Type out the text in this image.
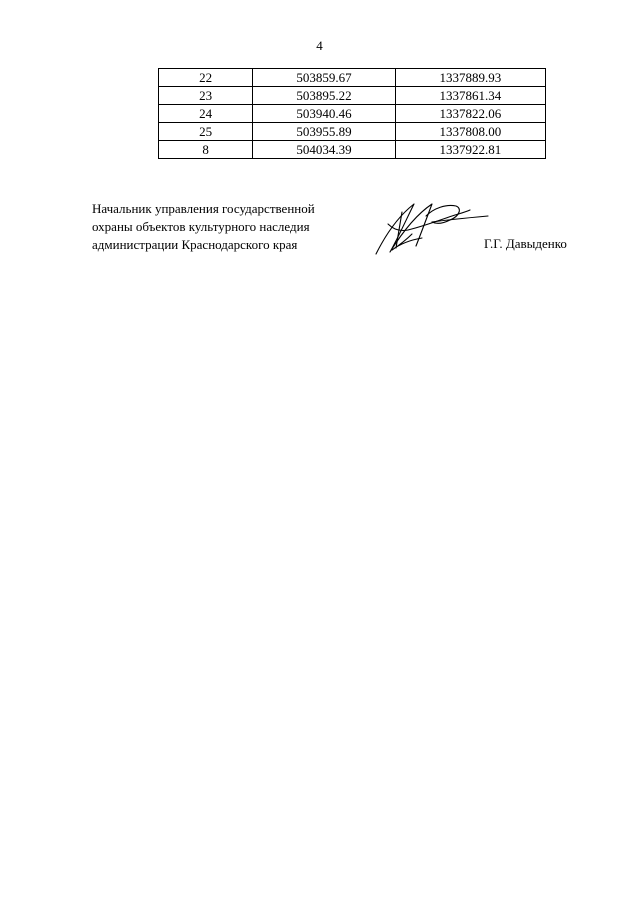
4
22	503859.67	1337889.93
23	503895.22	1337861.34
24	503940.46	1337822.06
25	503955.89	1337808.00
8	504034.39	1337922.81
Начальник управления государственной
охраны объектов культурного наследия
администрации Краснодарского края	Г.Г. Давыденко
